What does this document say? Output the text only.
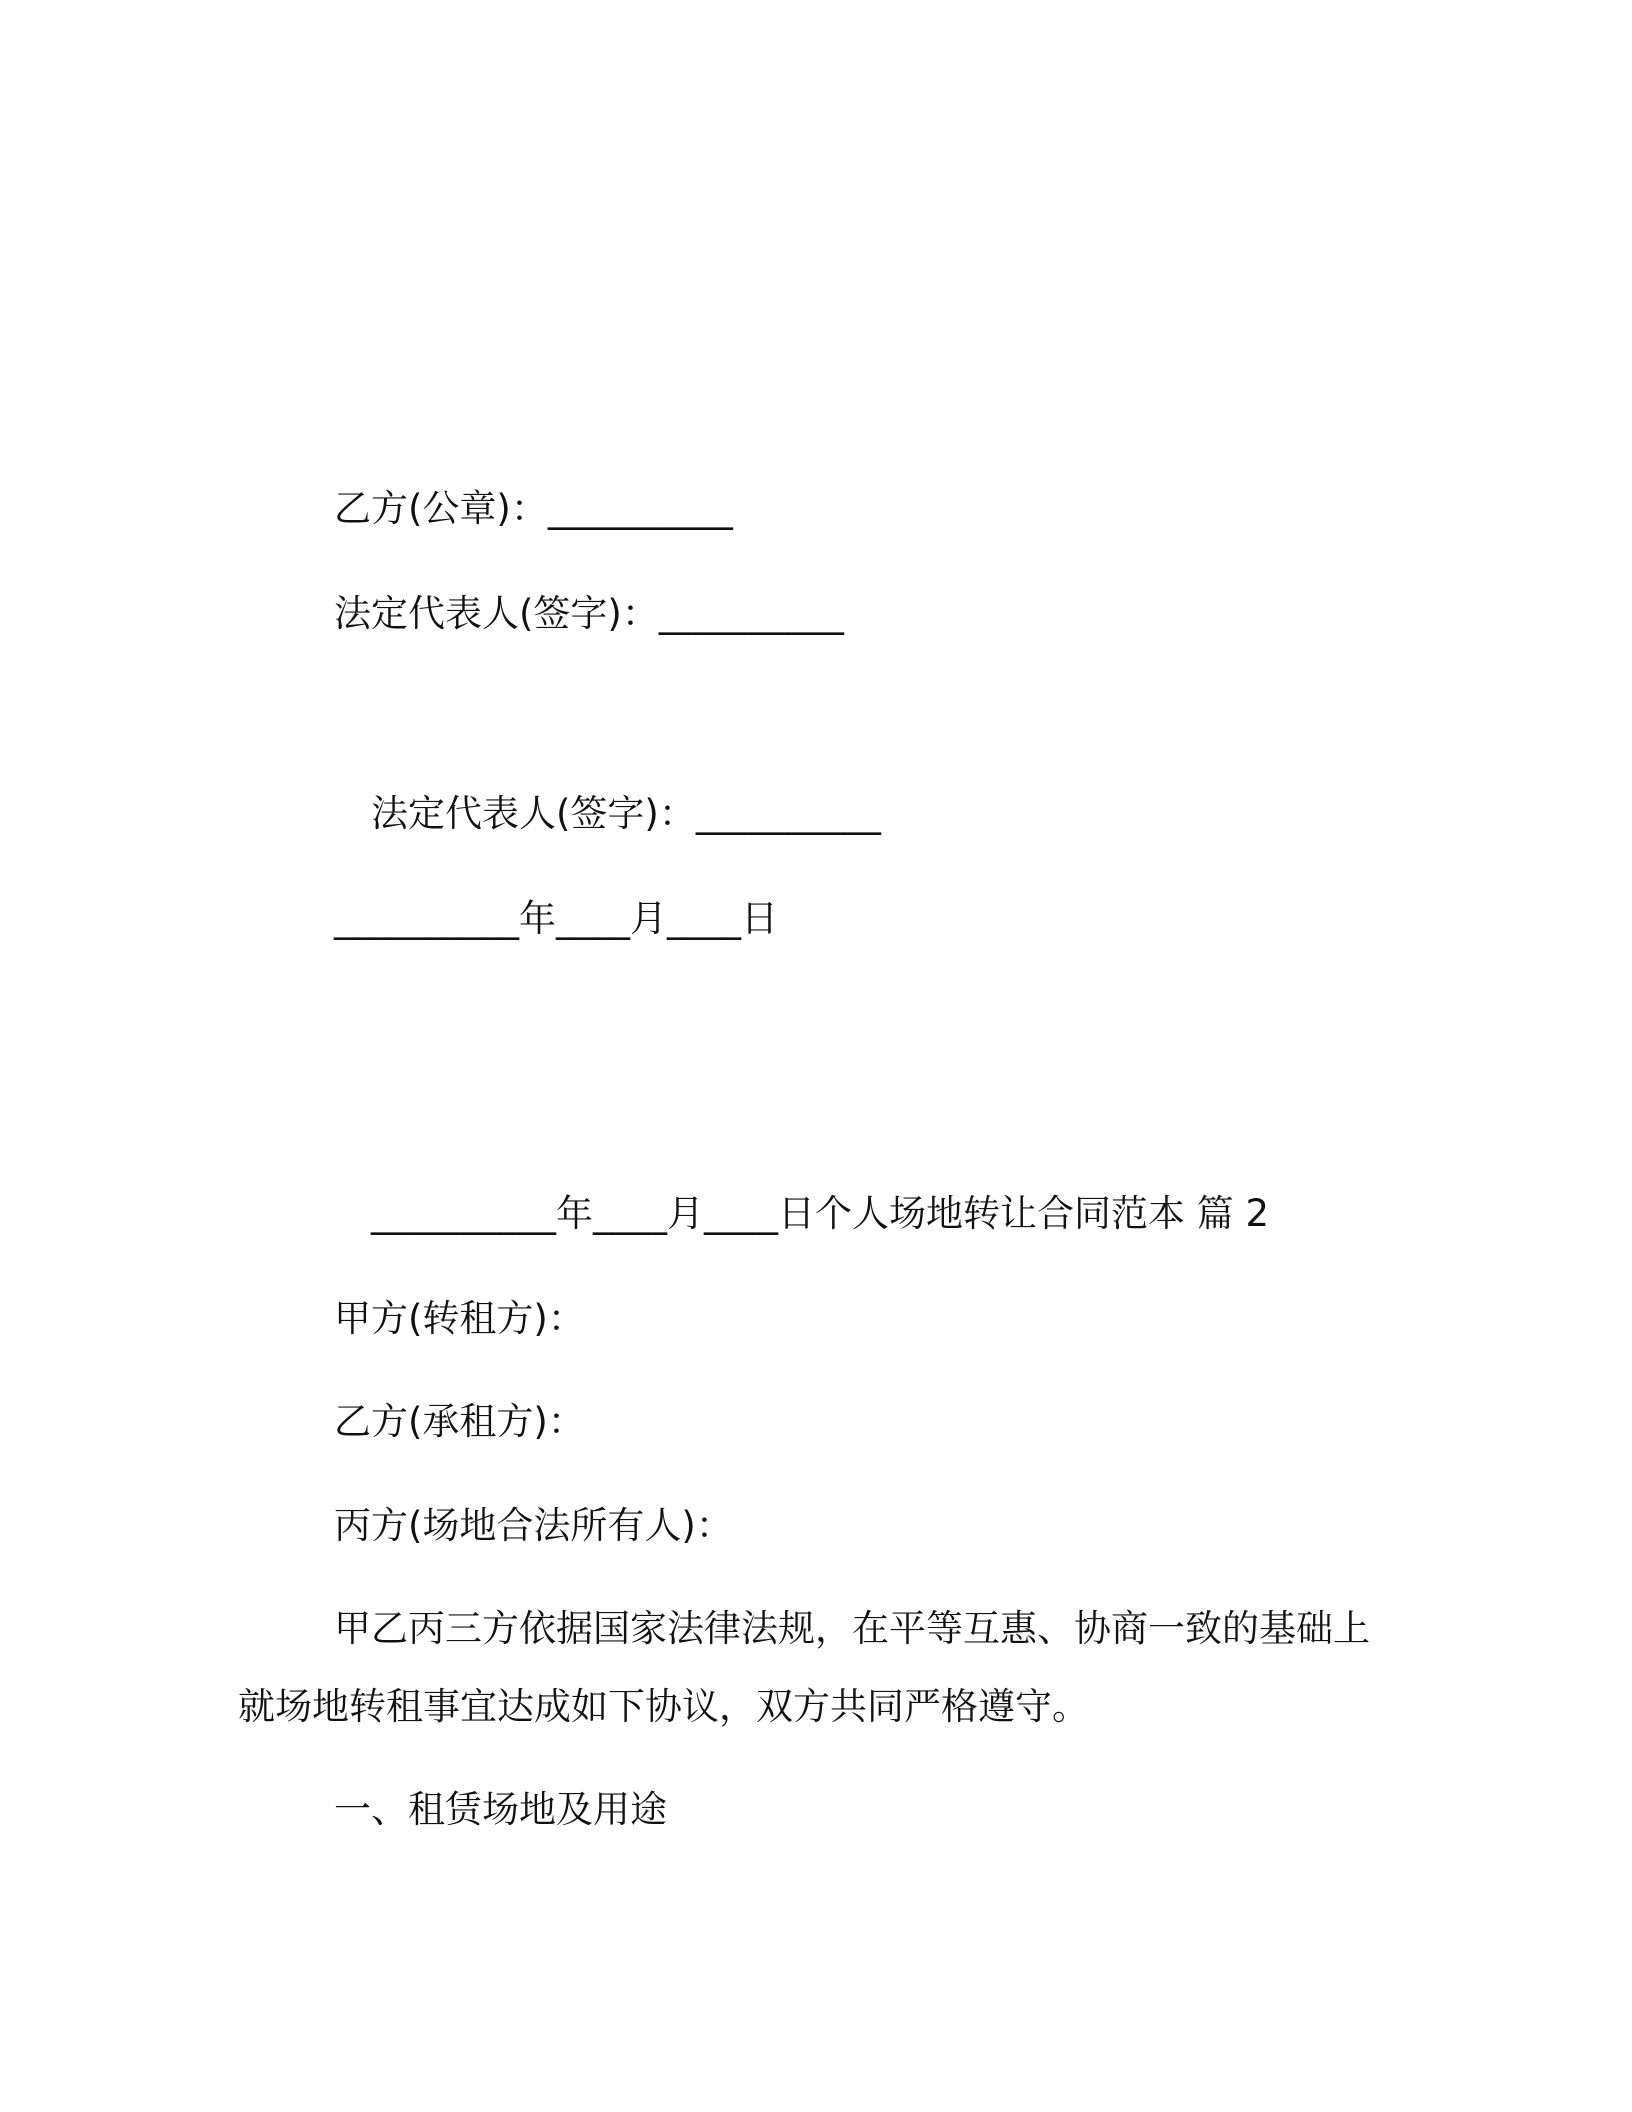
乙方(公章)：__________
法定代表人(签字)：__________
法定代表人(签字)：__________
__________年____月____日
__________年____月____日个人场地转让合同范本 篇 2
甲方(转租方)：
乙方(承租方)：
丙方(场地合法所有人)：
甲乙丙三方依据国家法律法规，在平等互惠、协商一致的基础上
就场地转租事宜达成如下协议，双方共同严格遵守。
一、租赁场地及用途
